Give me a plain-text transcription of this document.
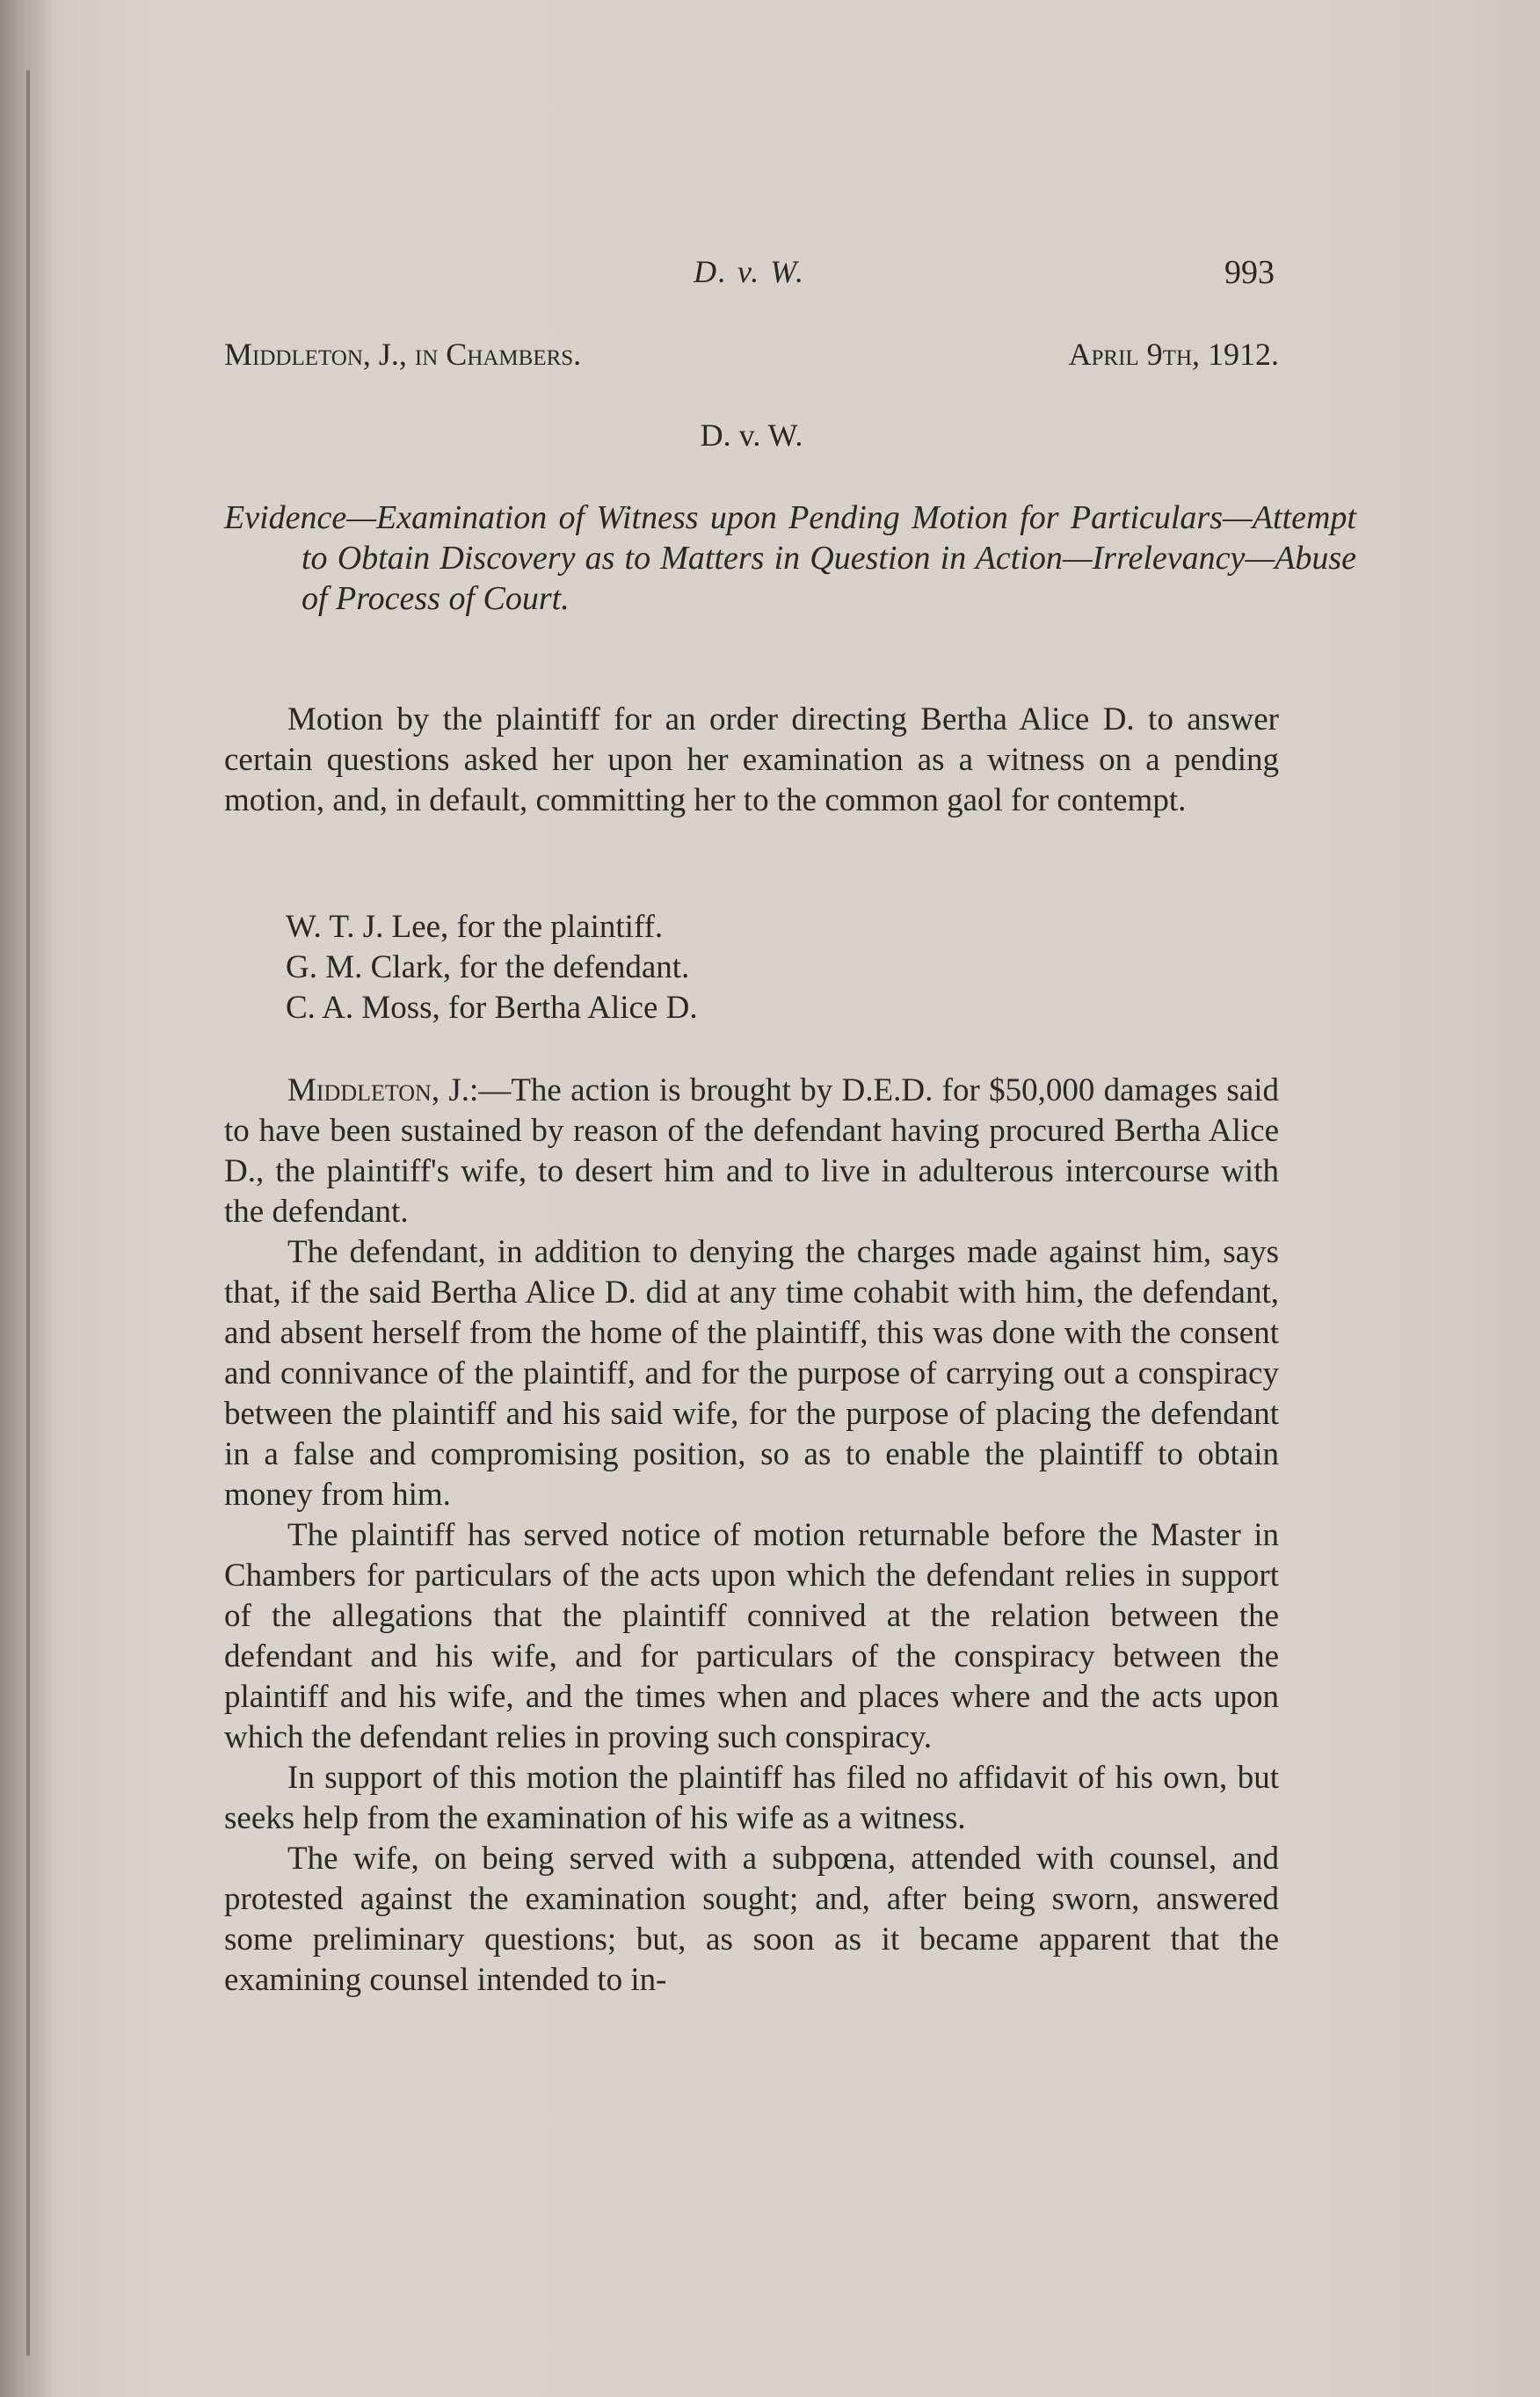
D. v. W.	993
Middleton, J., in Chambers.	April 9th, 1912.
D. v. W.
Evidence—Examination of Witness upon Pending Motion for Particulars—Attempt to Obtain Discovery as to Matters in Question in Action—Irrelevancy—Abuse of Process of Court.

Motion by the plaintiff for an order directing Bertha Alice D. to answer certain questions asked her upon her examination as a witness on a pending motion, and, in default, committing her to the common gaol for contempt.

W. T. J. Lee, for the plaintiff.
G. M. Clark, for the defendant.
C. A. Moss, for Bertha Alice D.

Middleton, J.:—The action is brought by D.E.D. for $50,000 damages said to have been sustained by reason of the defendant having procured Bertha Alice D., the plaintiff's wife, to desert him and to live in adulterous intercourse with the defendant.

The defendant, in addition to denying the charges made against him, says that, if the said Bertha Alice D. did at any time cohabit with him, the defendant, and absent herself from the home of the plaintiff, this was done with the consent and connivance of the plaintiff, and for the purpose of carrying out a conspiracy between the plaintiff and his said wife, for the purpose of placing the defendant in a false and compromising position, so as to enable the plaintiff to obtain money from him.

The plaintiff has served notice of motion returnable before the Master in Chambers for particulars of the acts upon which the defendant relies in support of the allegations that the plaintiff connived at the relation between the defendant and his wife, and for particulars of the conspiracy between the plaintiff and his wife, and the times when and places where and the acts upon which the defendant relies in proving such conspiracy.

In support of this motion the plaintiff has filed no affidavit of his own, but seeks help from the examination of his wife as a witness.

The wife, on being served with a subpœna, attended with counsel, and protested against the examination sought; and, after being sworn, answered some preliminary questions; but, as soon as it became apparent that the examining counsel intended to in-
